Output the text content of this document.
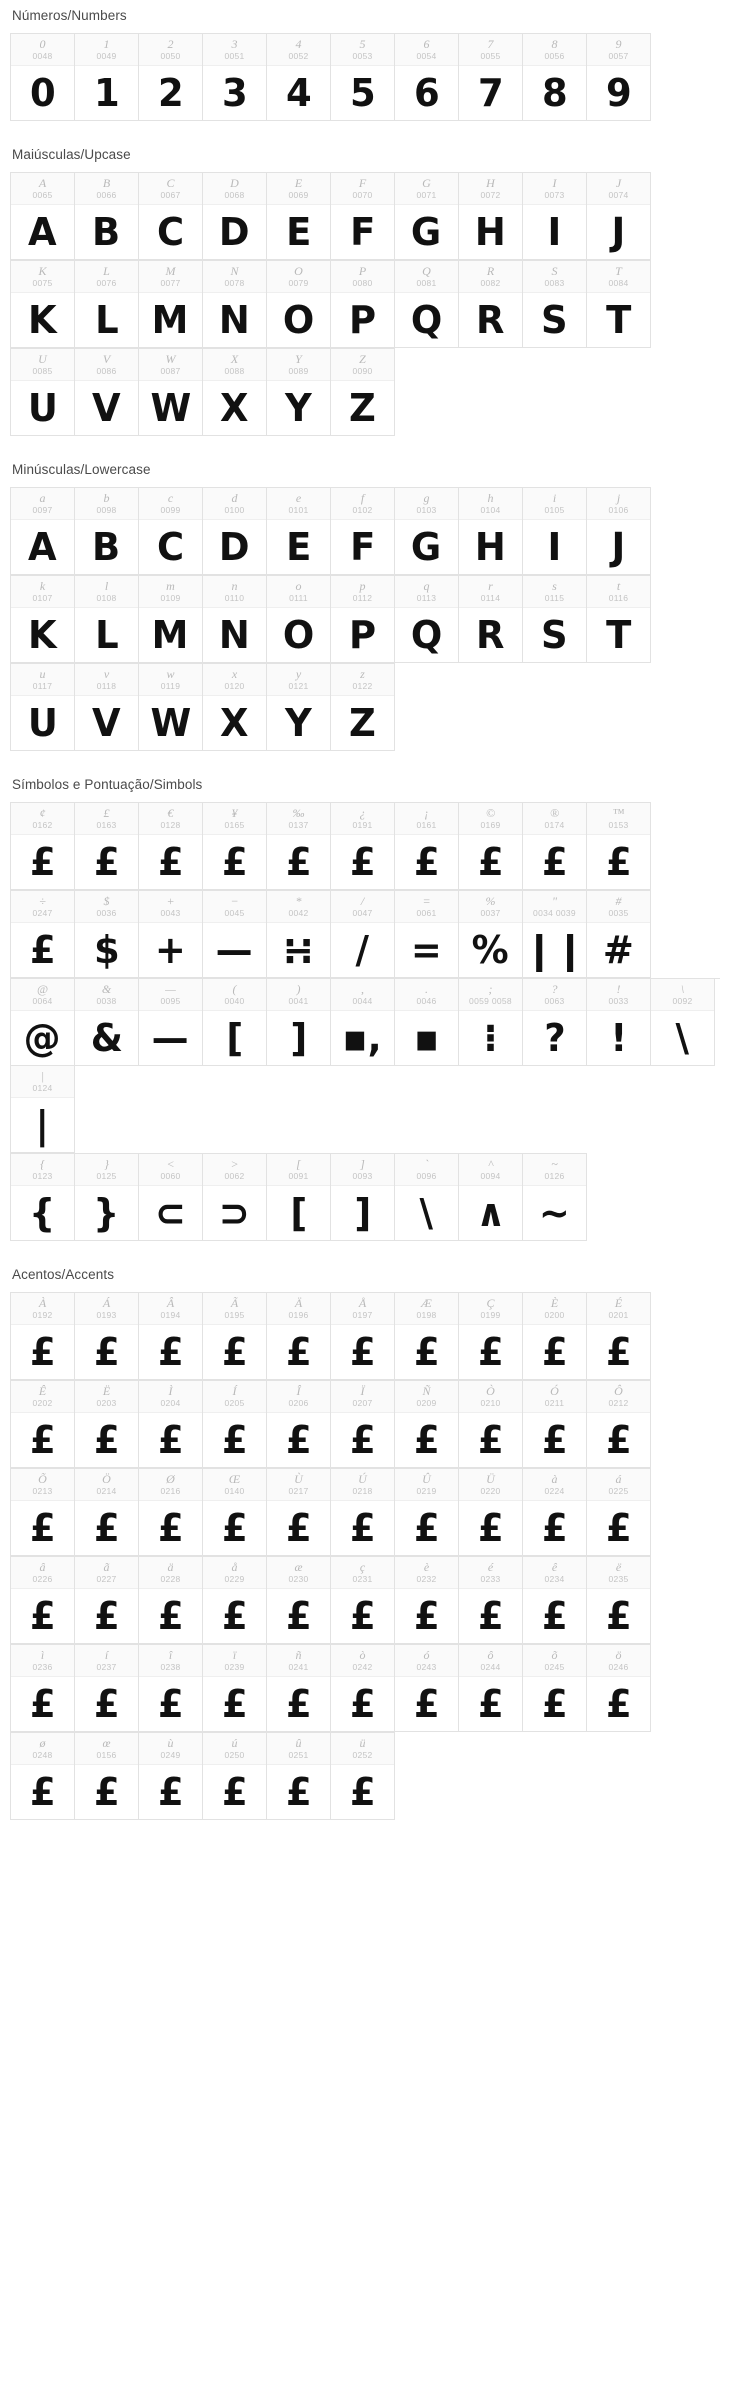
Números/Numbers
0
0048
0
1
0049
1
2
0050
2
3
0051
3
4
0052
4
5
0053
5
6
0054
6
7
0055
7
8
0056
8
9
0057
9
Maiúsculas/Upcase
A
0065
A
B
0066
B
C
0067
C
D
0068
D
E
0069
E
F
0070
F
G
0071
G
H
0072
H
I
0073
I
J
0074
J
K
0075
K
L
0076
L
M
0077
M
N
0078
N
O
0079
O
P
0080
P
Q
0081
Q
R
0082
R
S
0083
S
T
0084
T
U
0085
U
V
0086
V
W
0087
W
X
0088
X
Y
0089
Y
Z
0090
Z
Minúsculas/Lowercase
a
0097
A
b
0098
B
c
0099
C
d
0100
D
e
0101
E
f
0102
F
g
0103
G
h
0104
H
i
0105
I
j
0106
J
k
0107
K
l
0108
L
m
0109
M
n
0110
N
o
0111
O
p
0112
P
q
0113
Q
r
0114
R
s
0115
S
t
0116
T
u
0117
U
v
0118
V
w
0119
W
x
0120
X
y
0121
Y
z
0122
Z
Símbolos e Pontuação/Simbols
¢
0162
£
£
0163
£
€
0128
£
¥
0165
£
‰
0137
£
¿
0191
£
¡
0161
£
©
0169
£
®
0174
£
™
0153
£
÷
0247
£
$
0036
$
+
0043
+
−
0045
—
*
0042
∺
/
0047
/
=
0061
=
%
0037
%
"
0034 0039
❙❙
#
0035
#
@
0064
@
&
0038
&
—
0095
—
(
0040
[
)
0041
]
,
0044
▪,
.
0046
▪
;
0059 0058
⁝
?
0063
?
!
0033
!
\
0092
\
|
0124
|
{
0123
{
}
0125
}
<
0060
⊂
>
0062
⊃
[
0091
[
]
0093
]
`
0096
\
^
0094
∧
~
0126
~
Acentos/Accents
À
0192
£
Á
0193
£
Â
0194
£
Ã
0195
£
Ä
0196
£
Å
0197
£
Æ
0198
£
Ç
0199
£
È
0200
£
É
0201
£
Ê
0202
£
Ë
0203
£
Ì
0204
£
Í
0205
£
Î
0206
£
Ï
0207
£
Ñ
0209
£
Ò
0210
£
Ó
0211
£
Ô
0212
£
Õ
0213
£
Ö
0214
£
Ø
0216
£
Œ
0140
£
Ù
0217
£
Ú
0218
£
Û
0219
£
Ü
0220
£
à
0224
£
á
0225
£
â
0226
£
ã
0227
£
ä
0228
£
å
0229
£
æ
0230
£
ç
0231
£
è
0232
£
é
0233
£
ê
0234
£
ë
0235
£
ì
0236
£
í
0237
£
î
0238
£
ï
0239
£
ñ
0241
£
ò
0242
£
ó
0243
£
ô
0244
£
õ
0245
£
ö
0246
£
ø
0248
£
œ
0156
£
ù
0249
£
ú
0250
£
û
0251
£
ü
0252
£
